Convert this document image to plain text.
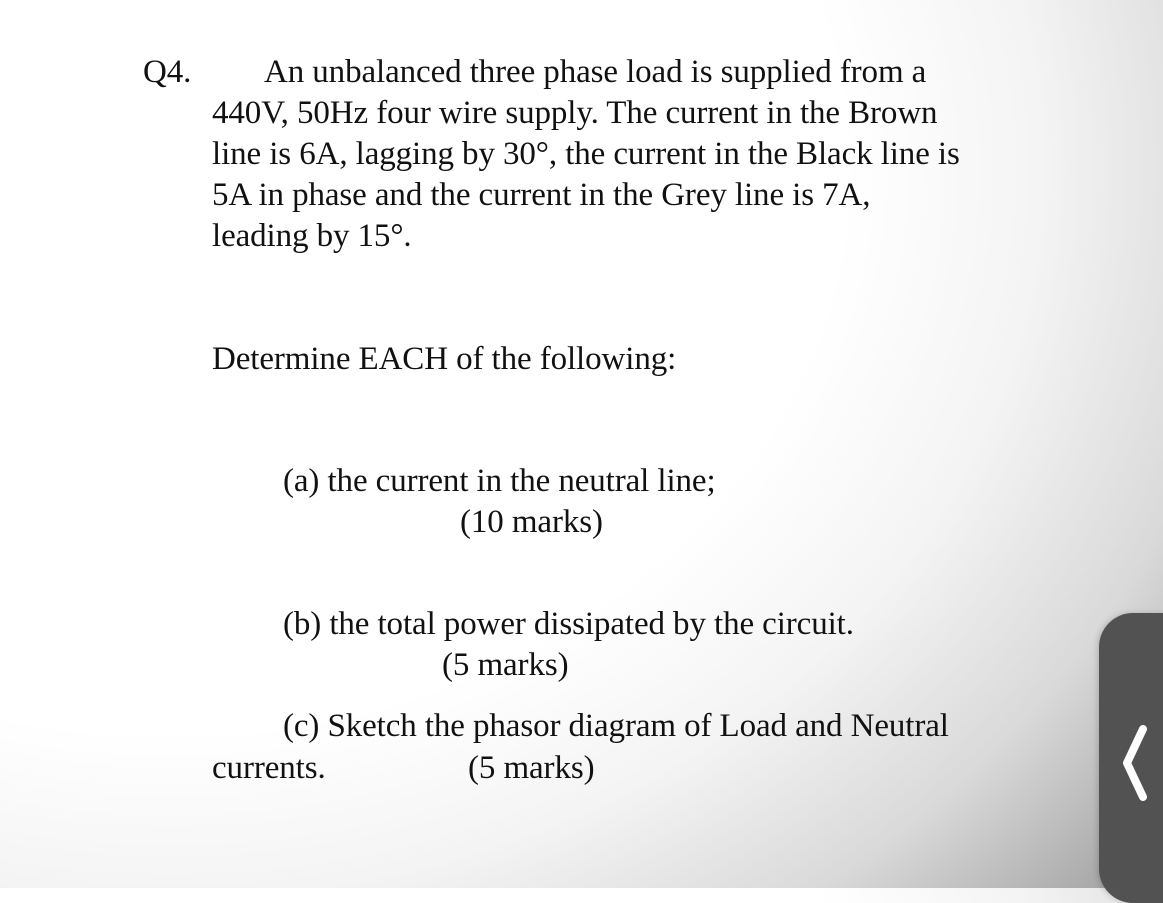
Q4. An unbalanced three phase load is supplied from a
440V, 50Hz four wire supply. The current in the Brown
line is 6A, lagging by 30°, the current in the Black line is
5A in phase and the current in the Grey line is 7A,
leading by 15°.
Determine EACH of the following:
(a) the current in the neutral line;
(10 marks)
(b) the total power dissipated by the circuit.
(5 marks)
(c) Sketch the phasor diagram of Load and Neutral
currents.	(5 marks)
